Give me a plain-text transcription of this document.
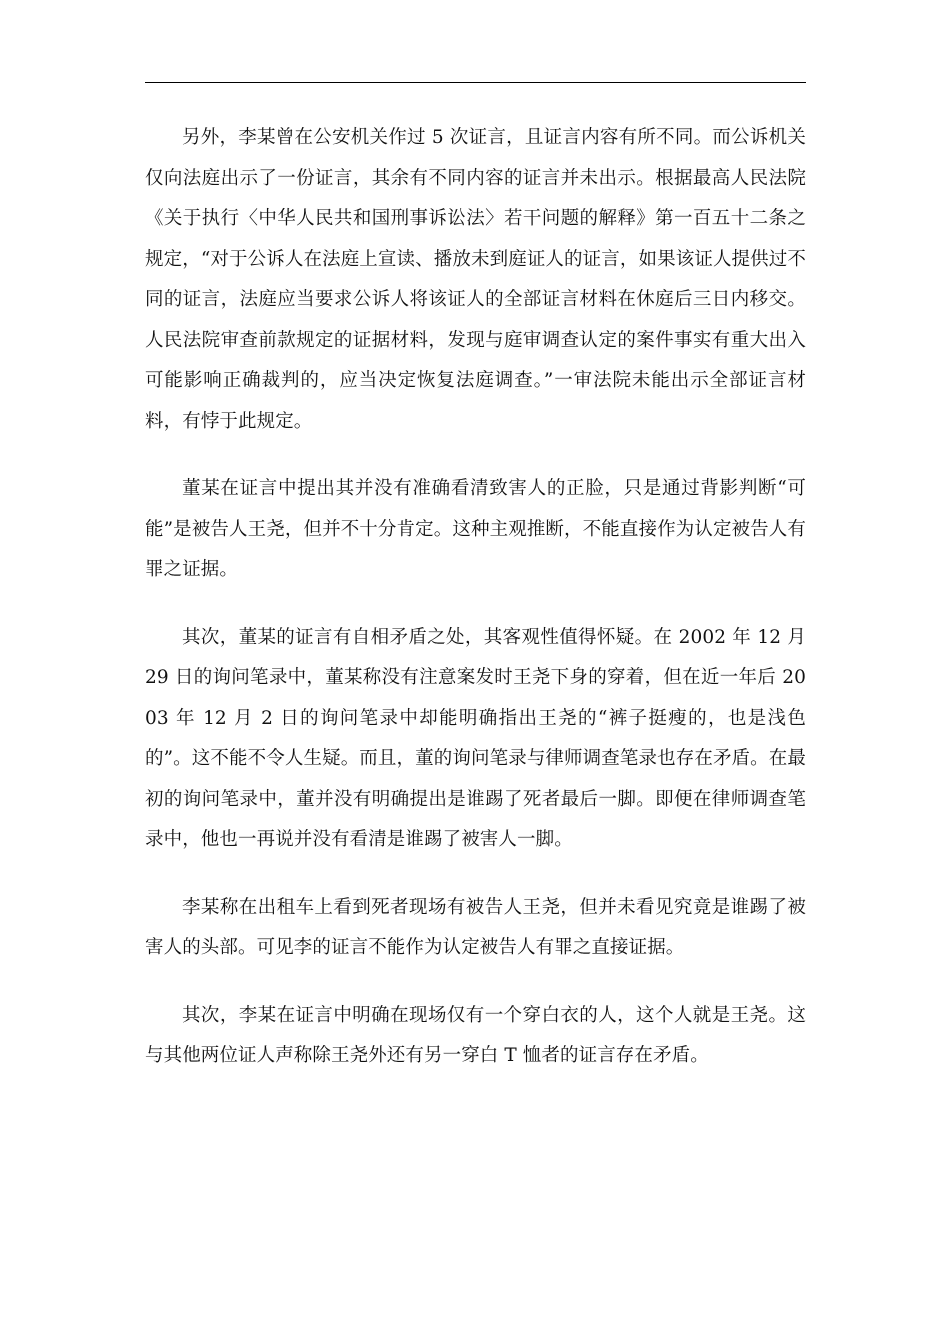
另外，李某曾在公安机关作过 5 次证言，且证言内容有所不同。而公诉机关仅向法庭出示了一份证言，其余有不同内容的证言并未出示。根据最高人民法院《关于执行〈中华人民共和国刑事诉讼法〉若干问题的解释》第一百五十二条之规定，“对于公诉人在法庭上宣读、播放未到庭证人的证言，如果该证人提供过不同的证言，法庭应当要求公诉人将该证人的全部证言材料在休庭后三日内移交。人民法院审查前款规定的证据材料，发现与庭审调查认定的案件事实有重大出入可能影响正确裁判的，应当决定恢复法庭调查。”一审法院未能出示全部证言材料，有悖于此规定。

董某在证言中提出其并没有准确看清致害人的正脸，只是通过背影判断“可能”是被告人王尧，但并不十分肯定。这种主观推断，不能直接作为认定被告人有罪之证据。

其次，董某的证言有自相矛盾之处，其客观性值得怀疑。在 2002 年 12 月 29 日的询问笔录中，董某称没有注意案发时王尧下身的穿着，但在近一年后 2003 年 12 月 2 日的询问笔录中却能明确指出王尧的“裤子挺瘦的，也是浅色的”。这不能不令人生疑。而且，董的询问笔录与律师调查笔录也存在矛盾。在最初的询问笔录中，董并没有明确提出是谁踢了死者最后一脚。即便在律师调查笔录中，他也一再说并没有看清是谁踢了被害人一脚。

李某称在出租车上看到死者现场有被告人王尧，但并未看见究竟是谁踢了被害人的头部。可见李的证言不能作为认定被告人有罪之直接证据。

其次，李某在证言中明确在现场仅有一个穿白衣的人，这个人就是王尧。这与其他两位证人声称除王尧外还有另一穿白 T 恤者的证言存在矛盾。
